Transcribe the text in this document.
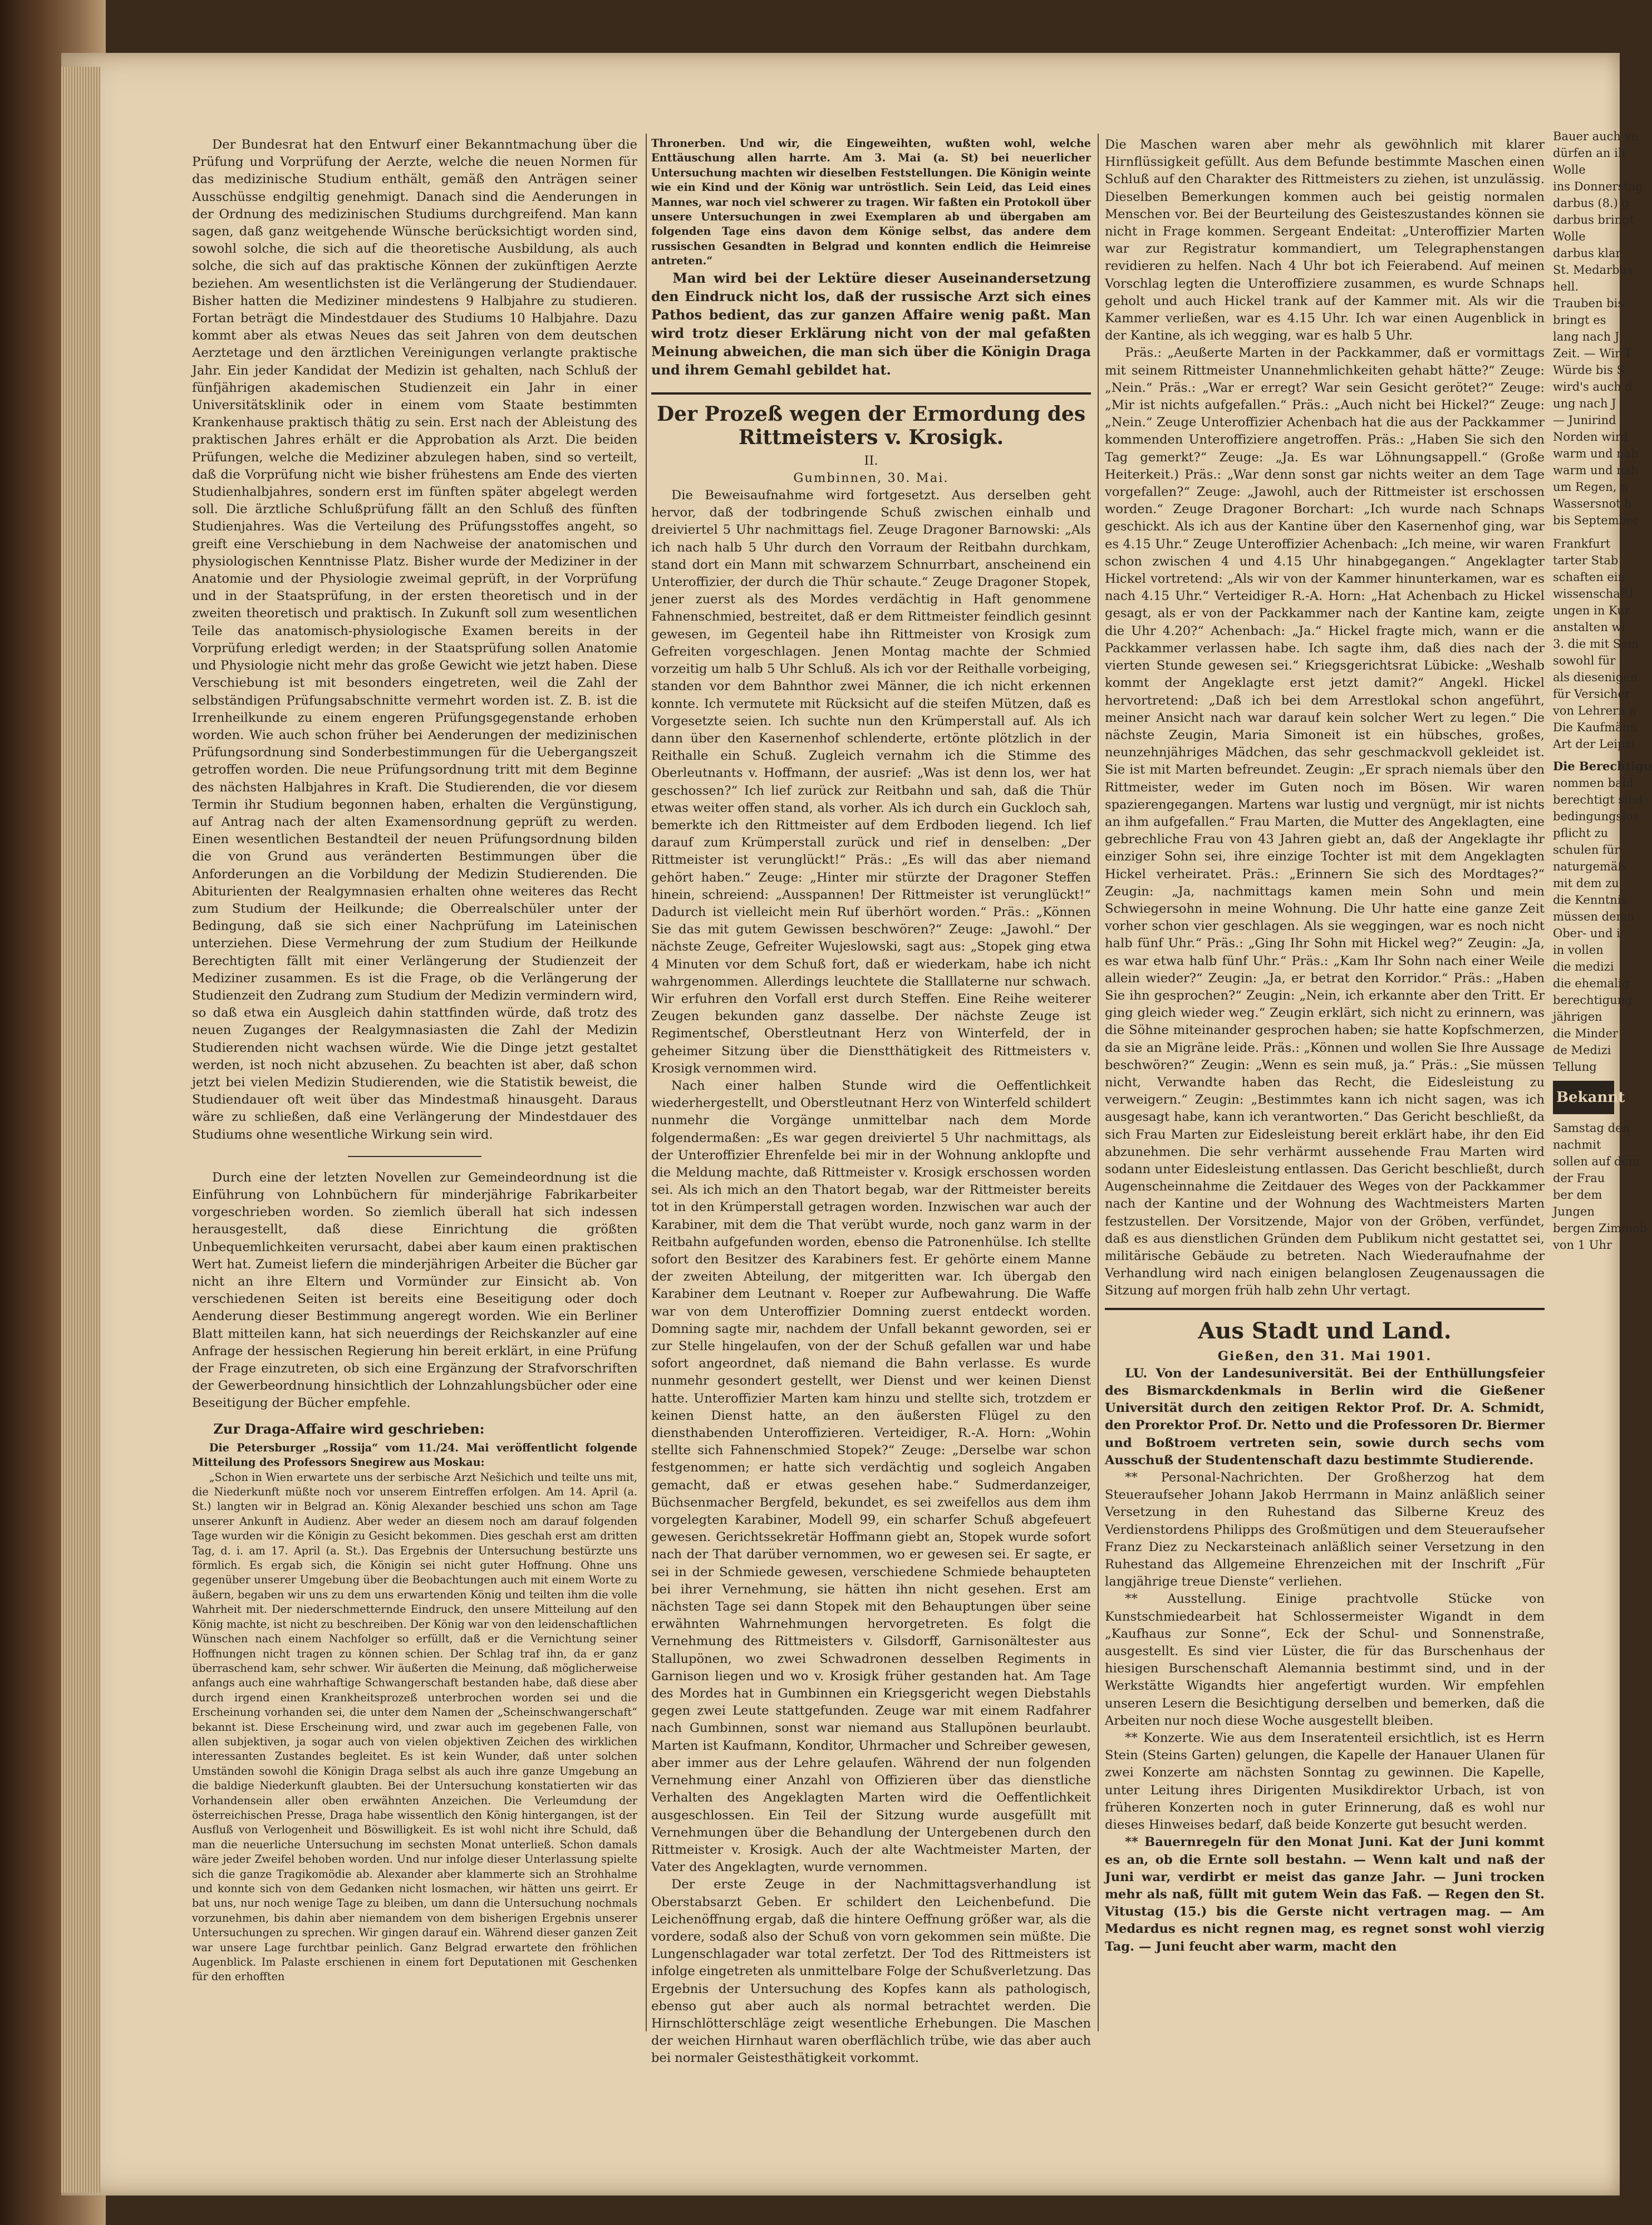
Der Bundesrat hat den Entwurf einer Bekanntmachung über die Prüfung und Vorprüfung der Aerzte, welche die neuen Normen für das medizinische Studium enthält, gemäß den Anträgen seiner Ausschüsse endgiltig genehmigt. Danach sind die Aenderungen in der Ordnung des medizinischen Studiums durchgreifend. Man kann sagen, daß ganz weitgehende Wünsche berücksichtigt worden sind, sowohl solche, die sich auf die theoretische Ausbildung, als auch solche, die sich auf das praktische Können der zukünftigen Aerzte beziehen. Am wesentlichsten ist die Verlängerung der Studiendauer. Bisher hatten die Mediziner mindestens 9 Halbjahre zu studieren. Fortan beträgt die Mindestdauer des Studiums 10 Halbjahre. Dazu kommt aber als etwas Neues das seit Jahren von dem deutschen Aerztetage und den ärztlichen Vereinigungen verlangte praktische Jahr. Ein jeder Kandidat der Medizin ist gehalten, nach Schluß der fünfjährigen akademischen Studienzeit ein Jahr in einer Universitätsklinik oder in einem vom Staate bestimmten Krankenhause praktisch thätig zu sein. Erst nach der Ableistung des praktischen Jahres erhält er die Approbation als Arzt. Die beiden Prüfungen, welche die Mediziner abzulegen haben, sind so verteilt, daß die Vorprüfung nicht wie bisher frühestens am Ende des vierten Studienhalbjahres, sondern erst im fünften später abgelegt werden soll. Die ärztliche Schlußprüfung fällt an den Schluß des fünften Studienjahres. Was die Verteilung des Prüfungsstoffes angeht, so greift eine Verschiebung in dem Nachweise der anatomischen und physiologischen Kenntnisse Platz. Bisher wurde der Mediziner in der Anatomie und der Physiologie zweimal geprüft, in der Vorprüfung und in der Staatsprüfung, in der ersten theoretisch und in der zweiten theoretisch und praktisch. In Zukunft soll zum wesentlichen Teile das anatomisch-physiologische Examen bereits in der Vorprüfung erledigt werden; in der Staatsprüfung sollen Anatomie und Physiologie nicht mehr das große Gewicht wie jetzt haben. Diese Verschiebung ist mit besonders eingetreten, weil die Zahl der selbständigen Prüfungsabschnitte vermehrt worden ist. Z. B. ist die Irrenheilkunde zu einem engeren Prüfungsgegenstande erhoben worden. Wie auch schon früher bei Aenderungen der medizinischen Prüfungsordnung sind Sonderbestimmungen für die Uebergangszeit getroffen worden. Die neue Prüfungsordnung tritt mit dem Beginne des nächsten Halbjahres in Kraft. Die Studierenden, die vor diesem Termin ihr Studium begonnen haben, erhalten die Vergünstigung, auf Antrag nach der alten Examensordnung geprüft zu werden. Einen wesentlichen Bestandteil der neuen Prüfungsordnung bilden die von Grund aus veränderten Bestimmungen über die Anforderungen an die Vorbildung der Medizin Studierenden. Die Abiturienten der Realgymnasien erhalten ohne weiteres das Recht zum Studium der Heilkunde; die Oberrealschüler unter der Bedingung, daß sie sich einer Nachprüfung im Lateinischen unterziehen. Diese Vermehrung der zum Studium der Heilkunde Berechtigten fällt mit einer Verlängerung der Studienzeit der Mediziner zusammen. Es ist die Frage, ob die Verlängerung der Studienzeit den Zudrang zum Studium der Medizin vermindern wird, so daß etwa ein Ausgleich dahin stattfinden würde, daß trotz des neuen Zuganges der Realgymnasiasten die Zahl der Medizin Studierenden nicht wachsen würde. Wie die Dinge jetzt gestaltet werden, ist noch nicht abzusehen. Zu beachten ist aber, daß schon jetzt bei vielen Medizin Studierenden, wie die Statistik beweist, die Studiendauer oft weit über das Mindestmaß hinausgeht. Daraus wäre zu schließen, daß eine Verlängerung der Mindestdauer des Studiums ohne wesentliche Wirkung sein wird.

Durch eine der letzten Novellen zur Gemeindeordnung ist die Einführung von Lohnbüchern für minderjährige Fabrikarbeiter vorgeschrieben worden. So ziemlich überall hat sich indessen herausgestellt, daß diese Einrichtung die größten Unbequemlichkeiten verursacht, dabei aber kaum einen praktischen Wert hat. Zumeist liefern die minderjährigen Arbeiter die Bücher gar nicht an ihre Eltern und Vormünder zur Einsicht ab. Von verschiedenen Seiten ist bereits eine Beseitigung oder doch Aenderung dieser Bestimmung angeregt worden. Wie ein Berliner Blatt mitteilen kann, hat sich neuerdings der Reichskanzler auf eine Anfrage der hessischen Regierung hin bereit erklärt, in eine Prüfung der Frage einzutreten, ob sich eine Ergänzung der Strafvorschriften der Gewerbeordnung hinsichtlich der Lohnzahlungsbücher oder eine Beseitigung der Bücher empfehle.

Zur Draga-Affaire wird geschrieben:

Die Petersburger „Rossija“ vom 11./24. Mai veröffentlicht folgende Mitteilung des Professors Snegirew aus Moskau:

„Schon in Wien erwartete uns der serbische Arzt Nešichich und teilte uns mit, die Niederkunft müßte noch vor unserem Eintreffen erfolgen. Am 14. April (a. St.) langten wir in Belgrad an. König Alexander beschied uns schon am Tage unserer Ankunft in Audienz. Aber weder an diesem noch am darauf folgenden Tage wurden wir die Königin zu Gesicht bekommen. Dies geschah erst am dritten Tag, d. i. am 17. April (a. St.). Das Ergebnis der Untersuchung bestürzte uns förmlich. Es ergab sich, die Königin sei nicht guter Hoffnung. Ohne uns gegenüber unserer Umgebung über die Beobachtungen auch mit einem Worte zu äußern, begaben wir uns zu dem uns erwartenden König und teilten ihm die volle Wahrheit mit. Der niederschmetternde Eindruck, den unsere Mitteilung auf den König machte, ist nicht zu beschreiben. Der König war von den leidenschaftlichen Wünschen nach einem Nachfolger so erfüllt, daß er die Vernichtung seiner Hoffnungen nicht tragen zu können schien. Der Schlag traf ihn, da er ganz überraschend kam, sehr schwer. Wir äußerten die Meinung, daß möglicherweise anfangs auch eine wahrhaftige Schwangerschaft bestanden habe, daß diese aber durch irgend einen Krankheitsprozeß unterbrochen worden sei und die Erscheinung vorhanden sei, die unter dem Namen der „Scheinschwangerschaft“ bekannt ist. Diese Erscheinung wird, und zwar auch im gegebenen Falle, von allen subjektiven, ja sogar auch von vielen objektiven Zeichen des wirklichen interessanten Zustandes begleitet. Es ist kein Wunder, daß unter solchen Umständen sowohl die Königin Draga selbst als auch ihre ganze Umgebung an die baldige Niederkunft glaubten. Bei der Untersuchung konstatierten wir das Vorhandensein aller oben erwähnten Anzeichen. Die Verleumdung der österreichischen Presse, Draga habe wissentlich den König hintergangen, ist der Ausfluß von Verlogenheit und Böswilligkeit. Es ist wohl nicht ihre Schuld, daß man die neuerliche Untersuchung im sechsten Monat unterließ. Schon damals wäre jeder Zweifel behoben worden. Und nur infolge dieser Unterlassung spielte sich die ganze Tragikomödie ab. Alexander aber klammerte sich an Strohhalme und konnte sich von dem Gedanken nicht losmachen, wir hätten uns geirrt. Er bat uns, nur noch wenige Tage zu bleiben, um dann die Untersuchung nochmals vorzunehmen, bis dahin aber niemandem von dem bisherigen Ergebnis unserer Untersuchungen zu sprechen. Wir gingen darauf ein. Während dieser ganzen Zeit war unsere Lage furchtbar peinlich. Ganz Belgrad erwartete den fröhlichen Augenblick. Im Palaste erschienen in einem fort Deputationen mit Geschenken für den erhofften

Thronerben. Und wir, die Eingeweihten, wußten wohl, welche Enttäuschung allen harrte. Am 3. Mai (a. St) bei neuerlicher Untersuchung machten wir dieselben Feststellungen. Die Königin weinte wie ein Kind und der König war untröstlich. Sein Leid, das Leid eines Mannes, war noch viel schwerer zu tragen. Wir faßten ein Protokoll über unsere Untersuchungen in zwei Exemplaren ab und übergaben am folgenden Tage eins davon dem Könige selbst, das andere dem russischen Gesandten in Belgrad und konnten endlich die Heimreise antreten.“

Man wird bei der Lektüre dieser Auseinandersetzung den Eindruck nicht los, daß der russische Arzt sich eines Pathos bedient, das zur ganzen Affaire wenig paßt. Man wird trotz dieser Erklärung nicht von der mal gefaßten Meinung abweichen, die man sich über die Königin Draga und ihrem Gemahl gebildet hat.

Der Prozeß wegen der Ermordung des Rittmeisters v. Krosigk.
II.
Gumbinnen, 30. Mai.

Die Beweisaufnahme wird fortgesetzt. Aus derselben geht hervor, daß der todbringende Schuß zwischen einhalb und dreiviertel 5 Uhr nachmittags fiel. Zeuge Dragoner Barnowski: „Als ich nach halb 5 Uhr durch den Vorraum der Reitbahn durchkam, stand dort ein Mann mit schwarzem Schnurrbart, anscheinend ein Unteroffizier, der durch die Thür schaute.“ Zeuge Dragoner Stopek, jener zuerst als des Mordes verdächtig in Haft genommene Fahnenschmied, bestreitet, daß er dem Rittmeister feindlich gesinnt gewesen, im Gegenteil habe ihn Rittmeister von Krosigk zum Gefreiten vorgeschlagen. Jenen Montag machte der Schmied vorzeitig um halb 5 Uhr Schluß. Als ich vor der Reithalle vorbeiging, standen vor dem Bahnthor zwei Männer, die ich nicht erkennen konnte. Ich vermutete mit Rücksicht auf die steifen Mützen, daß es Vorgesetzte seien. Ich suchte nun den Krümperstall auf. Als ich dann über den Kasernenhof schlenderte, ertönte plötzlich in der Reithalle ein Schuß. Zugleich vernahm ich die Stimme des Oberleutnants v. Hoffmann, der ausrief: „Was ist denn los, wer hat geschossen?“ Ich lief zurück zur Reitbahn und sah, daß die Thür etwas weiter offen stand, als vorher. Als ich durch ein Guckloch sah, bemerkte ich den Rittmeister auf dem Erdboden liegend. Ich lief darauf zum Krümperstall zurück und rief in denselben: „Der Rittmeister ist verunglückt!“ Präs.: „Es will das aber niemand gehört haben.“ Zeuge: „Hinter mir stürzte der Dragoner Steffen hinein, schreiend: „Ausspannen! Der Rittmeister ist verunglückt!“ Dadurch ist vielleicht mein Ruf überhört worden.“ Präs.: „Können Sie das mit gutem Gewissen beschwören?“ Zeuge: „Jawohl.“ Der nächste Zeuge, Gefreiter Wujeslowski, sagt aus: „Stopek ging etwa 4 Minuten vor dem Schuß fort, daß er wiederkam, habe ich nicht wahrgenommen. Allerdings leuchtete die Stalllaterne nur schwach. Wir erfuhren den Vorfall erst durch Steffen. Eine Reihe weiterer Zeugen bekunden ganz dasselbe. Der nächste Zeuge ist Regimentschef, Oberstleutnant Herz von Winterfeld, der in geheimer Sitzung über die Dienstthätigkeit des Rittmeisters v. Krosigk vernommen wird.

Nach einer halben Stunde wird die Oeffentlichkeit wiederhergestellt, und Oberstleutnant Herz von Winterfeld schildert nunmehr die Vorgänge unmittelbar nach dem Morde folgendermaßen: „Es war gegen dreiviertel 5 Uhr nachmittags, als der Unteroffizier Ehrenfelde bei mir in der Wohnung anklopfte und die Meldung machte, daß Rittmeister v. Krosigk erschossen worden sei. Als ich mich an den Thatort begab, war der Rittmeister bereits tot in den Krümperstall getragen worden. Inzwischen war auch der Karabiner, mit dem die That verübt wurde, noch ganz warm in der Reitbahn aufgefunden worden, ebenso die Patronenhülse. Ich stellte sofort den Besitzer des Karabiners fest. Er gehörte einem Manne der zweiten Abteilung, der mitgeritten war. Ich übergab den Karabiner dem Leutnant v. Roeper zur Aufbewahrung. Die Waffe war von dem Unteroffizier Domning zuerst entdeckt worden. Domning sagte mir, nachdem der Unfall bekannt geworden, sei er zur Stelle hingelaufen, von der der Schuß gefallen war und habe sofort angeordnet, daß niemand die Bahn verlasse. Es wurde nunmehr gesondert gestellt, wer Dienst und wer keinen Dienst hatte. Unteroffizier Marten kam hinzu und stellte sich, trotzdem er keinen Dienst hatte, an den äußersten Flügel zu den diensthabenden Unteroffizieren. Verteidiger, R.-A. Horn: „Wohin stellte sich Fahnenschmied Stopek?“ Zeuge: „Derselbe war schon festgenommen; er hatte sich verdächtig und sogleich Angaben gemacht, daß er etwas gesehen habe.“ Sudmerdanzeiger, Büchsenmacher Bergfeld, bekundet, es sei zweifellos aus dem ihm vorgelegten Karabiner, Modell 99, ein scharfer Schuß abgefeuert gewesen. Gerichtssekretär Hoffmann giebt an, Stopek wurde sofort nach der That darüber vernommen, wo er gewesen sei. Er sagte, er sei in der Schmiede gewesen, verschiedene Schmiede behaupteten bei ihrer Vernehmung, sie hätten ihn nicht gesehen. Erst am nächsten Tage sei dann Stopek mit den Behauptungen über seine erwähnten Wahrnehmungen hervorgetreten. Es folgt die Vernehmung des Rittmeisters v. Gilsdorff, Garnisonältester aus Stallupönen, wo zwei Schwadronen desselben Regiments in Garnison liegen und wo v. Krosigk früher gestanden hat. Am Tage des Mordes hat in Gumbinnen ein Kriegsgericht wegen Diebstahls gegen zwei Leute stattgefunden. Zeuge war mit einem Radfahrer nach Gumbinnen, sonst war niemand aus Stallupönen beurlaubt. Marten ist Kaufmann, Konditor, Uhrmacher und Schreiber gewesen, aber immer aus der Lehre gelaufen. Während der nun folgenden Vernehmung einer Anzahl von Offizieren über das dienstliche Verhalten des Angeklagten Marten wird die Oeffentlichkeit ausgeschlossen. Ein Teil der Sitzung wurde ausgefüllt mit Vernehmungen über die Behandlung der Untergebenen durch den Rittmeister v. Krosigk. Auch der alte Wachtmeister Marten, der Vater des Angeklagten, wurde vernommen.

Der erste Zeuge in der Nachmittagsverhandlung ist Oberstabsarzt Geben. Er schildert den Leichenbefund. Die Leichenöffnung ergab, daß die hintere Oeffnung größer war, als die vordere, sodaß also der Schuß von vorn gekommen sein müßte. Die Lungenschlagader war total zerfetzt. Der Tod des Rittmeisters ist infolge eingetreten als unmittelbare Folge der Schußverletzung. Das Ergebnis der Untersuchung des Kopfes kann als pathologisch, ebenso gut aber auch als normal betrachtet werden. Die Hirnschlötterschläge zeigt wesentliche Erhebungen. Die Maschen der weichen Hirnhaut waren oberflächlich trübe, wie das aber auch bei normaler Geistesthätigkeit vorkommt.

Die Maschen waren aber mehr als gewöhnlich mit klarer Hirnflüssigkeit gefüllt. Aus dem Befunde bestimmte Maschen einen Schluß auf den Charakter des Rittmeisters zu ziehen, ist unzulässig. Dieselben Bemerkungen kommen auch bei geistig normalen Menschen vor. Bei der Beurteilung des Geisteszustandes können sie nicht in Frage kommen. Sergeant Endeitat: „Unteroffizier Marten war zur Registratur kommandiert, um Telegraphenstangen revidieren zu helfen. Nach 4 Uhr bot ich Feierabend. Auf meinen Vorschlag legten die Unteroffiziere zusammen, es wurde Schnaps geholt und auch Hickel trank auf der Kammer mit. Als wir die Kammer verließen, war es 4.15 Uhr. Ich war einen Augenblick in der Kantine, als ich wegging, war es halb 5 Uhr.

Präs.: „Aeußerte Marten in der Packkammer, daß er vormittags mit seinem Rittmeister Unannehmlichkeiten gehabt hätte?“ Zeuge: „Nein.“ Präs.: „War er erregt? War sein Gesicht gerötet?“ Zeuge: „Mir ist nichts aufgefallen.“ Präs.: „Auch nicht bei Hickel?“ Zeuge: „Nein.“ Zeuge Unteroffizier Achenbach hat die aus der Packkammer kommenden Unteroffiziere angetroffen. Präs.: „Haben Sie sich den Tag gemerkt?“ Zeuge: „Ja. Es war Löhnungsappell.“ (Große Heiterkeit.) Präs.: „War denn sonst gar nichts weiter an dem Tage vorgefallen?“ Zeuge: „Jawohl, auch der Rittmeister ist erschossen worden.“ Zeuge Dragoner Borchart: „Ich wurde nach Schnaps geschickt. Als ich aus der Kantine über den Kasernenhof ging, war es 4.15 Uhr.“ Zeuge Unteroffizier Achenbach: „Ich meine, wir waren schon zwischen 4 und 4.15 Uhr hinabgegangen.“ Angeklagter Hickel vortretend: „Als wir von der Kammer hinunterkamen, war es nach 4.15 Uhr.“ Verteidiger R.-A. Horn: „Hat Achenbach zu Hickel gesagt, als er von der Packkammer nach der Kantine kam, zeigte die Uhr 4.20?“ Achenbach: „Ja.“ Hickel fragte mich, wann er die Packkammer verlassen habe. Ich sagte ihm, daß dies nach der vierten Stunde gewesen sei.“ Kriegsgerichtsrat Lübicke: „Weshalb kommt der Angeklagte erst jetzt damit?“ Angekl. Hickel hervortretend: „Daß ich bei dem Arrestlokal schon angeführt, meiner Ansicht nach war darauf kein solcher Wert zu legen.“ Die nächste Zeugin, Maria Simoneit ist ein hübsches, großes, neunzehnjähriges Mädchen, das sehr geschmackvoll gekleidet ist. Sie ist mit Marten befreundet. Zeugin: „Er sprach niemals über den Rittmeister, weder im Guten noch im Bösen. Wir waren spazierengegangen. Martens war lustig und vergnügt, mir ist nichts an ihm aufgefallen.“ Frau Marten, die Mutter des Angeklagten, eine gebrechliche Frau von 43 Jahren giebt an, daß der Angeklagte ihr einziger Sohn sei, ihre einzige Tochter ist mit dem Angeklagten Hickel verheiratet. Präs.: „Erinnern Sie sich des Mordtages?“ Zeugin: „Ja, nachmittags kamen mein Sohn und mein Schwiegersohn in meine Wohnung. Die Uhr hatte eine ganze Zeit vorher schon vier geschlagen. Als sie weggingen, war es noch nicht halb fünf Uhr.“ Präs.: „Ging Ihr Sohn mit Hickel weg?“ Zeugin: „Ja, es war etwa halb fünf Uhr.“ Präs.: „Kam Ihr Sohn nach einer Weile allein wieder?“ Zeugin: „Ja, er betrat den Korridor.“ Präs.: „Haben Sie ihn gesprochen?“ Zeugin: „Nein, ich erkannte aber den Tritt. Er ging gleich wieder weg.“ Zeugin erklärt, sich nicht zu erinnern, was die Söhne miteinander gesprochen haben; sie hatte Kopfschmerzen, da sie an Migräne leide. Präs.: „Können und wollen Sie Ihre Aussage beschwören?“ Zeugin: „Wenn es sein muß, ja.“ Präs.: „Sie müssen nicht, Verwandte haben das Recht, die Eidesleistung zu verweigern.“ Zeugin: „Bestimmtes kann ich nicht sagen, was ich ausgesagt habe, kann ich verantworten.“ Das Gericht beschließt, da sich Frau Marten zur Eidesleistung bereit erklärt habe, ihr den Eid abzunehmen. Die sehr verhärmt aussehende Frau Marten wird sodann unter Eidesleistung entlassen. Das Gericht beschließt, durch Augenscheinnahme die Zeitdauer des Weges von der Packkammer nach der Kantine und der Wohnung des Wachtmeisters Marten festzustellen. Der Vorsitzende, Major von der Gröben, verfündet, daß es aus dienstlichen Gründen dem Publikum nicht gestattet sei, militärische Gebäude zu betreten. Nach Wiederaufnahme der Verhandlung wird nach einigen belanglosen Zeugenaussagen die Sitzung auf morgen früh halb zehn Uhr vertagt.

Aus Stadt und Land.
Gießen, den 31. Mai 1901.

LU. Von der Landesuniversität. Bei der Enthüllungsfeier des Bismarckdenkmals in Berlin wird die Gießener Universität durch den zeitigen Rektor Prof. Dr. A. Schmidt, den Prorektor Prof. Dr. Netto und die Professoren Dr. Biermer und Boßtroem vertreten sein, sowie durch sechs vom Ausschuß der Studentenschaft dazu bestimmte Studierende.

** Personal-Nachrichten. Der Großherzog hat dem Steueraufseher Johann Jakob Herrmann in Mainz anläßlich seiner Versetzung in den Ruhestand das Silberne Kreuz des Verdienstordens Philipps des Großmütigen und dem Steueraufseher Franz Diez zu Neckarsteinach anläßlich seiner Versetzung in den Ruhestand das Allgemeine Ehrenzeichen mit der Inschrift „Für langjährige treue Dienste“ verliehen.

** Ausstellung. Einige prachtvolle Stücke von Kunstschmiedearbeit hat Schlossermeister Wigandt in dem „Kaufhaus zur Sonne“, Eck der Schul- und Sonnenstraße, ausgestellt. Es sind vier Lüster, die für das Burschenhaus der hiesigen Burschenschaft Alemannia bestimmt sind, und in der Werkstätte Wigandts hier angefertigt wurden. Wir empfehlen unseren Lesern die Besichtigung derselben und bemerken, daß die Arbeiten nur noch diese Woche ausgestellt bleiben.

** Konzerte. Wie aus dem Inseratenteil ersichtlich, ist es Herrn Stein (Steins Garten) gelungen, die Kapelle der Hanauer Ulanen für zwei Konzerte am nächsten Sonntag zu gewinnen. Die Kapelle, unter Leitung ihres Dirigenten Musikdirektor Urbach, ist von früheren Konzerten noch in guter Erinnerung, daß es wohl nur dieses Hinweises bedarf, daß beide Konzerte gut besucht werden.

** Bauernregeln für den Monat Juni. Kat der Juni kommt es an, ob die Ernte soll bestahn. — Wenn kalt und naß der Juni war, verdirbt er meist das ganze Jahr. — Juni trocken mehr als naß, füllt mit gutem Wein das Faß. — Regen den St. Vitustag (15.) bis die Gerste nicht vertragen mag. — Am Medardus es nicht regnen mag, es regnet sonst wohl vierzig Tag. — Juni feucht aber warm, macht den

Bauer auch ve
dürfen an ih
Wolle
ins Donnerstag
darbus (8.) g
darbus bringt
Wolle
darbus klar
St. Medarbus
hell.
Trauben bis
bringt es
lang nach J
Zeit. — Wir T
Würde bis S
wird's auch d
ung nach J
— Junirind
Norden wird
warm und nah
warm und nah
um Regen, n
Wassersnot b
bis September
Frankfurt
tarter Stab
schaften ein
wissenschaftl
ungen in Kur
anstalten wi
3. die mit Sem
sowohl für
als diesenigen
für Versicher
von Lehrern a
Die Kaufmänn
Art der Leipzi
Die Berechtigu
nommen bald
berechtigt sind
bedingungslos
pflicht zu
schulen für
naturgemäß
mit dem zu
die Kenntnis
müssen demn
Ober- und i
in vollen
die medizi
die ehemalig
berechtigung
jährigen
die Minder
de Medizi
Tellung
Bekannt
Samstag den
nachmit
sollen auf dem
der Frau
ber dem
Jungen
bergen Zimmob
von 1 Uhr
